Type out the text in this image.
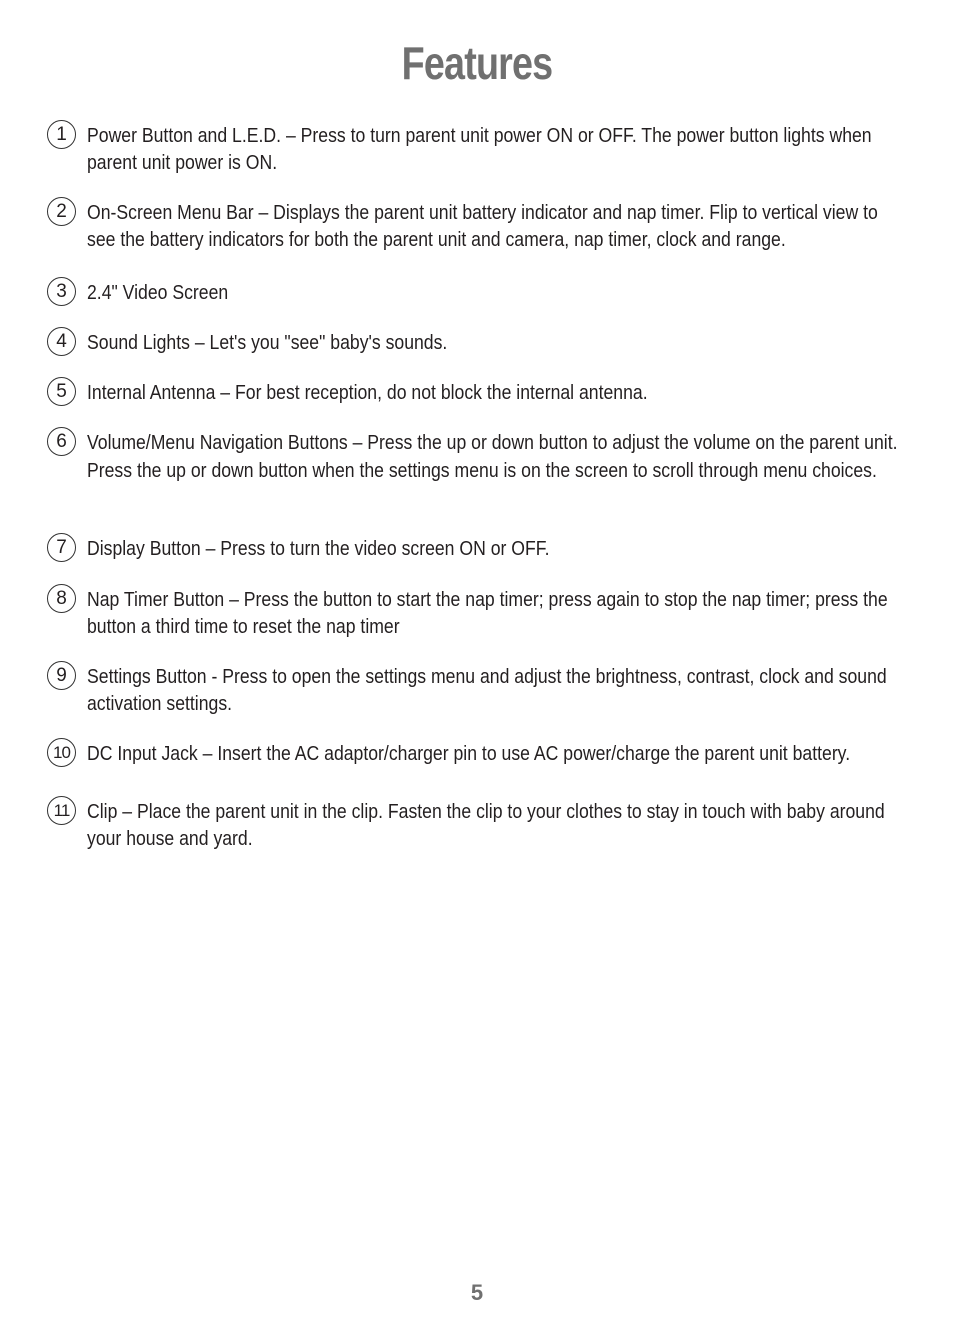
Features
1 Power Button and L.E.D. – Press to turn parent unit power ON or OFF. The power button lights when parent unit power is ON.
2 On-Screen Menu Bar – Displays the parent unit battery indicator and nap timer. Flip to vertical view to see the battery indicators for both the parent unit and camera, nap timer, clock and range.
3 2.4" Video Screen
4 Sound Lights – Let's you "see" baby's sounds.
5 Internal Antenna – For best reception, do not block the internal antenna.
6 Volume/Menu Navigation Buttons – Press the up or down button to adjust the volume on the parent unit. Press the up or down button when the settings menu is on the screen to scroll through menu choices.
7 Display Button – Press to turn the video screen ON or OFF.
8 Nap Timer Button – Press the button to start the nap timer; press again to stop the nap timer; press the button a third time to reset the nap timer
9 Settings Button - Press to open the settings menu and adjust the brightness, contrast, clock and sound activation settings.
10 DC Input Jack – Insert the AC adaptor/charger pin to use AC power/charge the parent unit battery.
11 Clip – Place the parent unit in the clip. Fasten the clip to your clothes to stay in touch with baby around your house and yard.
5
